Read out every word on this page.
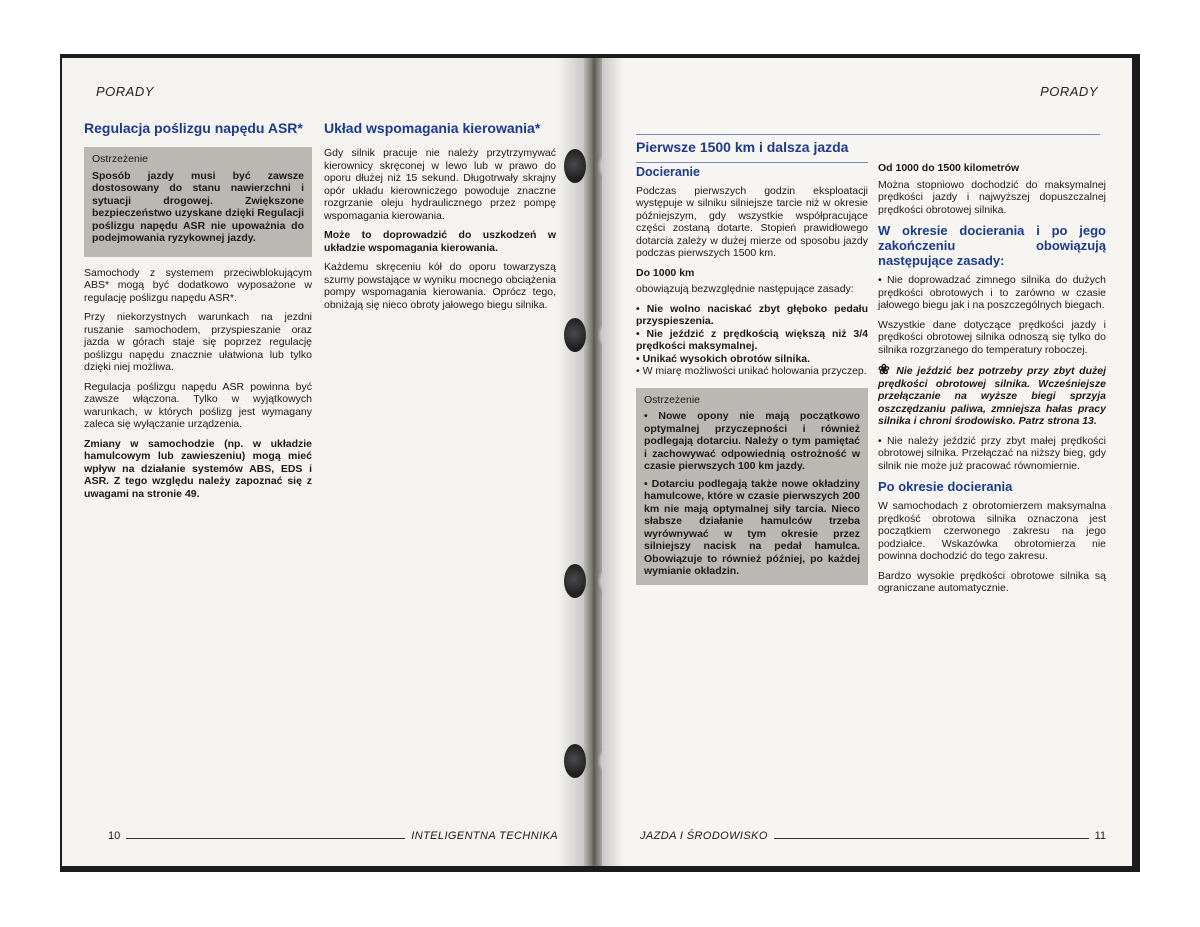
PORADY
Regulacja poślizgu napędu ASR*
Ostrzeżenie

Sposób jazdy musi być zawsze dostosowany do stanu nawierzchni i sytuacji drogowej. Zwiększone bezpieczeństwo uzyskane dzięki Regulacji poślizgu napędu ASR nie upoważnia do podejmowania ryzykownej jazdy.

Samochody z systemem przeciwblokującym ABS* mogą być dodatkowo wyposażone w regulację poślizgu napędu ASR*.

Przy niekorzystnych warunkach na jezdni ruszanie samochodem, przyspieszanie oraz jazda w górach staje się poprzez regulację poślizgu napędu znacznie ułatwiona lub tylko dzięki niej możliwa.

Regulacja poślizgu napędu ASR powinna być zawsze włączona. Tylko w wyjątkowych warunkach, w których poślizg jest wymagany zaleca się wyłączanie urządzenia.

Zmiany w samochodzie (np. w układzie hamulcowym lub zawieszeniu) mogą mieć wpływ na działanie systemów ABS, EDS i ASR. Z tego względu należy zapoznać się z uwagami na stronie 49.

Układ wspomagania kierowania*

Gdy silnik pracuje nie należy przytrzymywać kierownicy skręconej w lewo lub w prawo do oporu dłużej niż 15 sekund. Długotrwały skrajny opór układu kierowniczego powoduje znaczne rozgrzanie oleju hydraulicznego przez pompę wspomagania kierowania.

Może to doprowadzić do uszkodzeń w układzie wspomagania kierowania.

Każdemu skręceniu kół do oporu towarzyszą szumy powstające w wyniku mocnego obciążenia pompy wspomagania kierowania. Oprócz tego, obniżają się nieco obroty jałowego biegu silnika.

10	INTELIGENTNA TECHNIKA
PORADY
Pierwsze 1500 km i dalsza jazda
Docieranie

Podczas pierwszych godzin eksploatacji występuje w silniku silniejsze tarcie niż w okresie późniejszym, gdy wszystkie współpracujące części zostaną dotarte. Stopień prawidłowego dotarcia zależy w dużej mierze od sposobu jazdy podczas pierwszych 1500 km.

Do 1000 km

obowiązują bezwzględnie następujące zasady:

• Nie wolno naciskać zbyt głęboko pedału przyspieszenia.

• Nie jeździć z prędkością większą niż 3/4 prędkości maksymalnej.

• Unikać wysokich obrotów silnika.

• W miarę możliwości unikać holowania przyczep.

Ostrzeżenie

• Nowe opony nie mają początkowo optymalnej przyczepności i również podlegają dotarciu. Należy o tym pamiętać i zachowywać odpowiednią ostrożność w czasie pierwszych 100 km jazdy.

• Dotarciu podlegają także nowe okładziny hamulcowe, które w czasie pierwszych 200 km nie mają optymalnej siły tarcia. Nieco słabsze działanie hamulców trzeba wyrównywać w tym okresie przez silniejszy nacisk na pedał hamulca. Obowiązuje to również później, po każdej wymianie okładzin.

Od 1000 do 1500 kilometrów

Można stopniowo dochodzić do maksymalnej prędkości jazdy i najwyższej dopuszczalnej prędkości obrotowej silnika.

W okresie docierania i po jego zakończeniu obowiązują następujące zasady:

• Nie doprowadzać zimnego silnika do dużych prędkości obrotowych i to zarówno w czasie jałowego biegu jak i na poszczególnych biegach.

Wszystkie dane dotyczące prędkości jazdy i prędkości obrotowej silnika odnoszą się tylko do silnika rozgrzanego do temperatury roboczej.

❀ Nie jeździć bez potrzeby przy zbyt dużej prędkości obrotowej silnika. Wcześniejsze przełączanie na wyższe biegi sprzyja oszczędzaniu paliwa, zmniejsza hałas pracy silnika i chroni środowisko. Patrz strona 13.

• Nie należy jeździć przy zbyt małej prędkości obrotowej silnika. Przełączać na niższy bieg, gdy silnik nie może już pracować równomiernie.

Po okresie docierania

W samochodach z obrotomierzem maksymalna prędkość obrotowa silnika oznaczona jest początkiem czerwonego zakresu na jego podziałce. Wskazówka obrotomierza nie powinna dochodzić do tego zakresu.

Bardzo wysokie prędkości obrotowe silnika są ograniczane automatycznie.

JAZDA I ŚRODOWISKO	11
